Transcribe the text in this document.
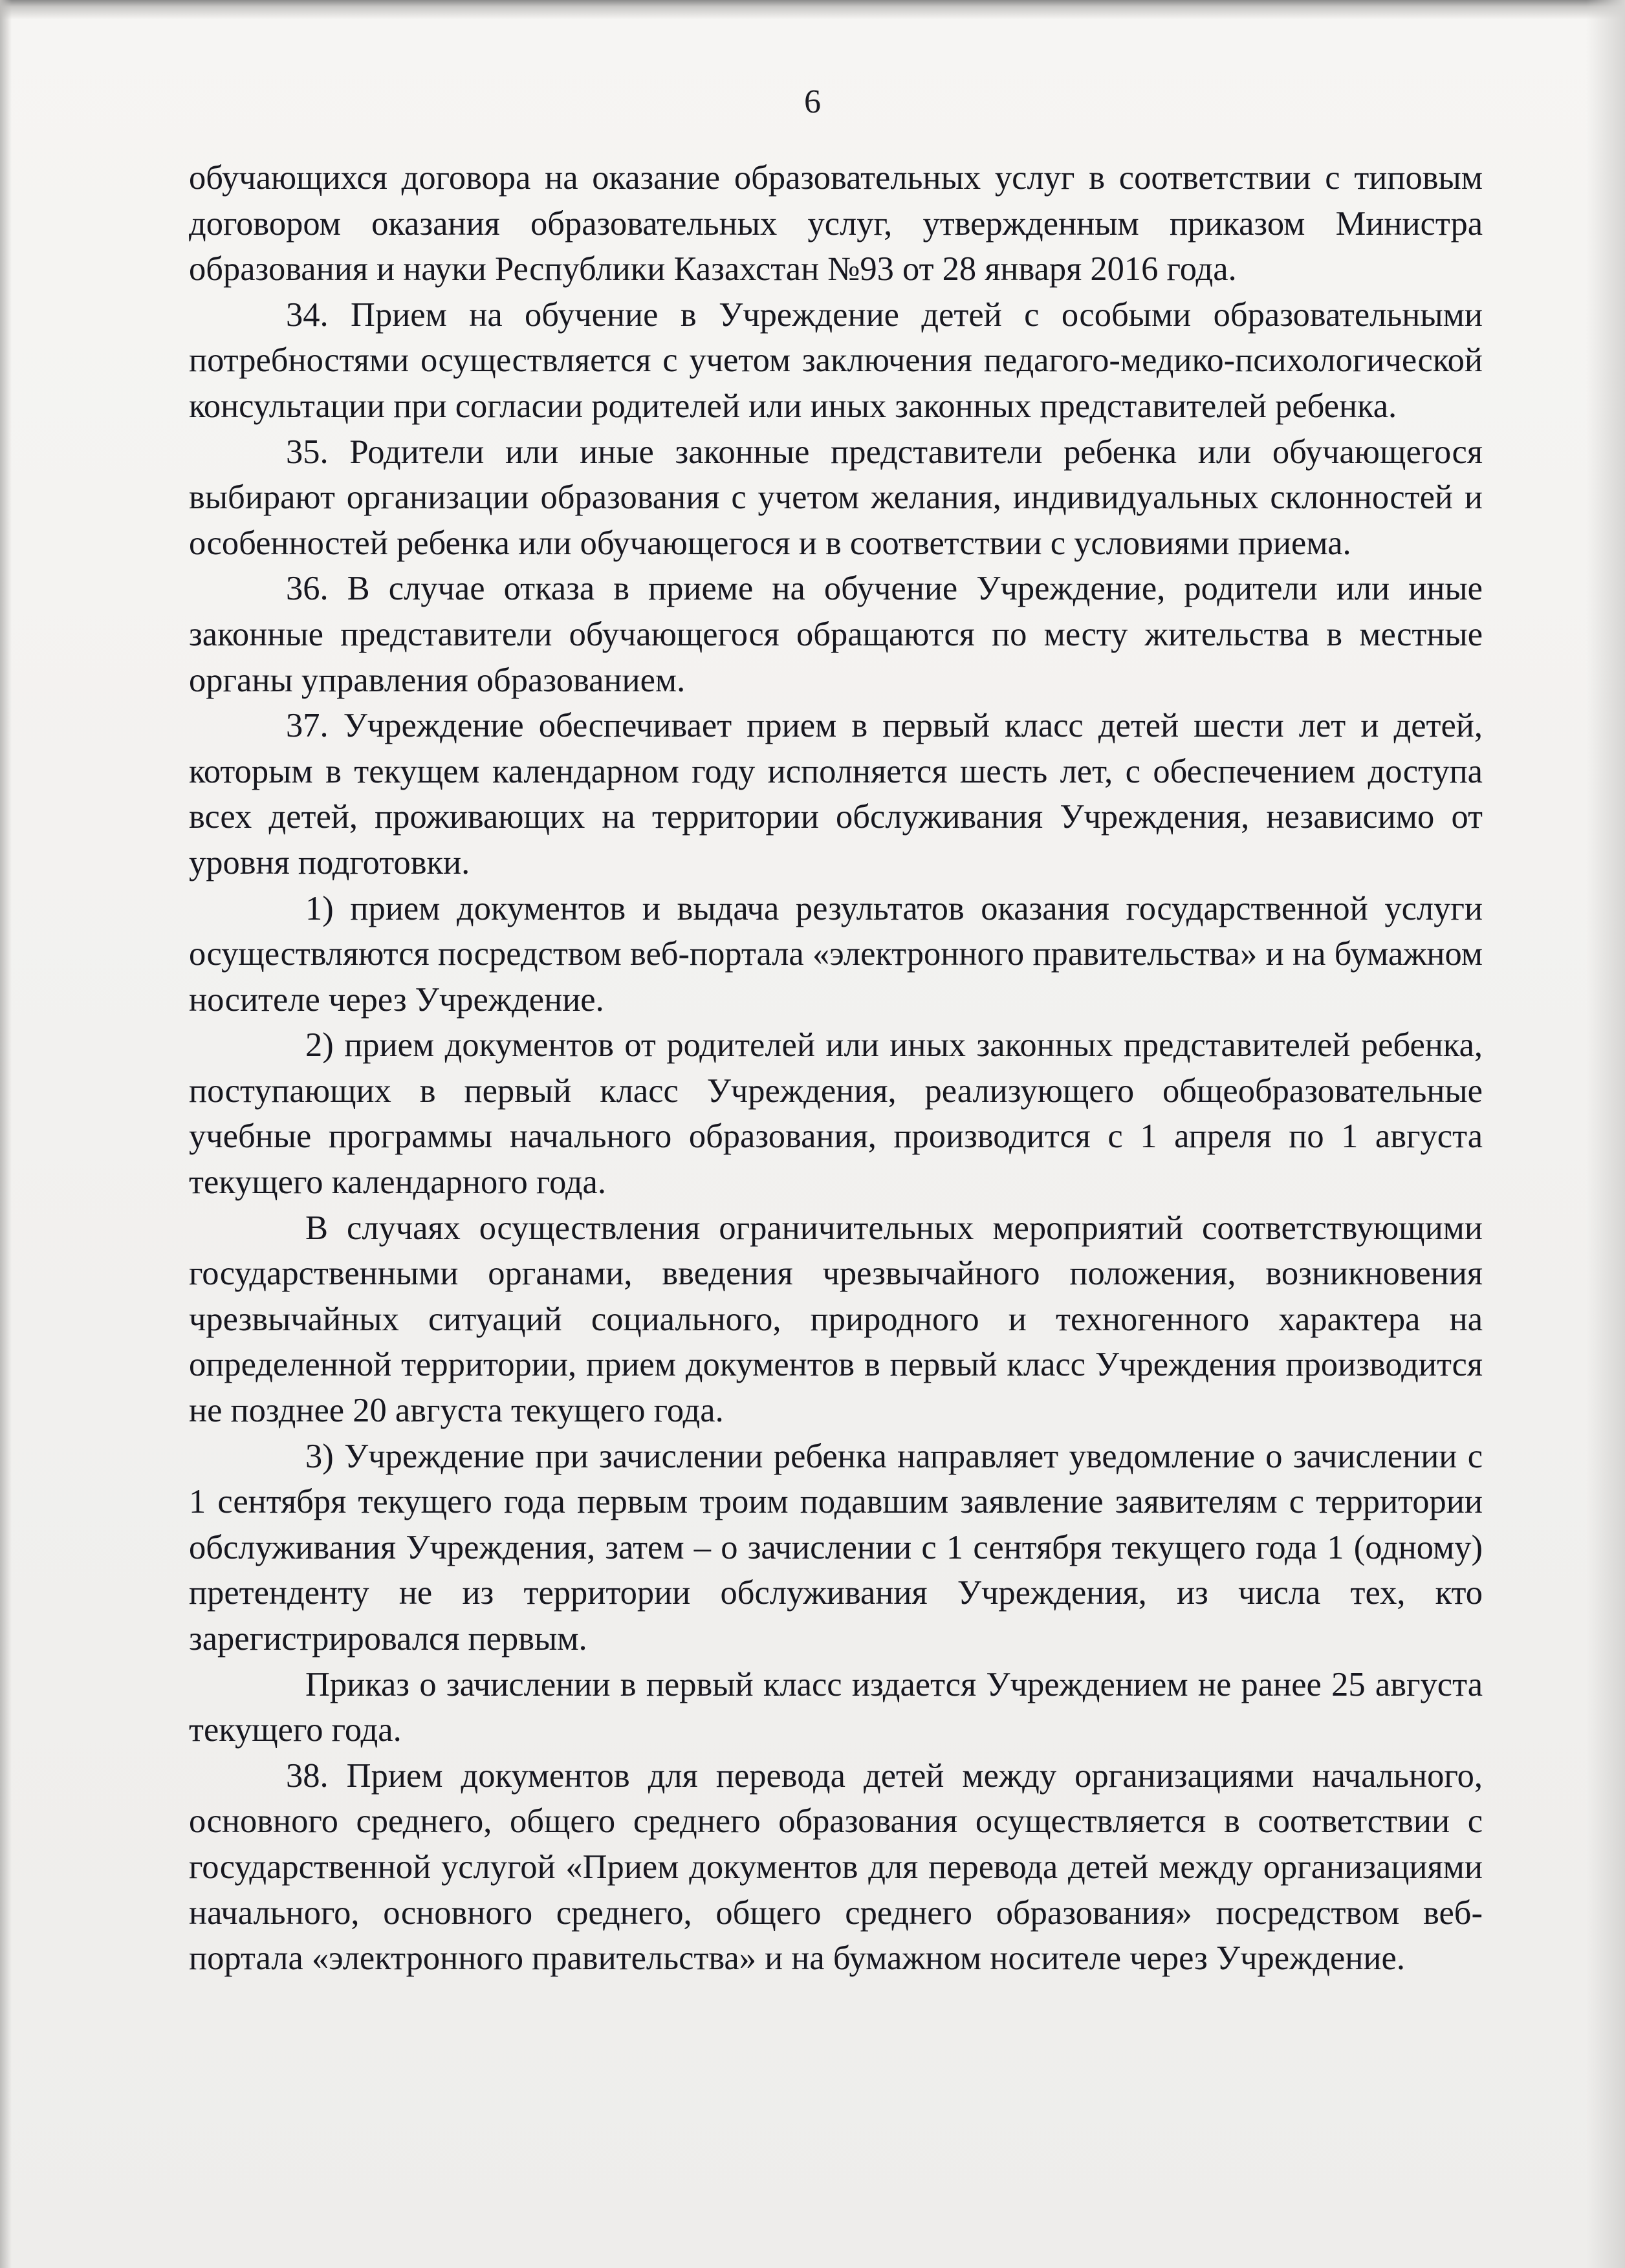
6

обучающихся договора на оказание образовательных услуг в соответствии с типовым договором оказания образовательных услуг, утвержденным приказом Министра образования и науки Республики Казахстан №93 от 28 января 2016 года.

34. Прием на обучение в Учреждение детей с особыми образовательными потребностями осуществляется с учетом заключения педагого-медико-психологической консультации при согласии родителей или иных законных представителей ребенка.

35. Родители или иные законные представители ребенка или обучающегося выбирают организации образования с учетом желания, индивидуальных склонностей и особенностей ребенка или обучающегося и в соответствии с условиями приема.

36. В случае отказа в приеме на обучение Учреждение, родители или иные законные представители обучающегося обращаются по месту жительства в местные органы управления образованием.

37. Учреждение обеспечивает прием в первый класс детей шести лет и детей, которым в текущем календарном году исполняется шесть лет, с обеспечением доступа всех детей, проживающих на территории обслуживания Учреждения, независимо от уровня подготовки.

1) прием документов и выдача результатов оказания государственной услуги осуществляются посредством веб-портала «электронного правительства» и на бумажном носителе через Учреждение.

2) прием документов от родителей или иных законных представителей ребенка, поступающих в первый класс Учреждения, реализующего общеобразовательные учебные программы начального образования, производится с 1 апреля по 1 августа текущего календарного года.

В случаях осуществления ограничительных мероприятий соответствующими государственными органами, введения чрезвычайного положения, возникновения чрезвычайных ситуаций социального, природного и техногенного характера на определенной территории, прием документов в первый класс Учреждения производится не позднее 20 августа текущего года.

3) Учреждение при зачислении ребенка направляет уведомление о зачислении с 1 сентября текущего года первым троим подавшим заявление заявителям с территории обслуживания Учреждения, затем – о зачислении с 1 сентября текущего года 1 (одному) претенденту не из территории обслуживания Учреждения, из числа тех, кто зарегистрировался первым.

Приказ о зачислении в первый класс издается Учреждением не ранее 25 августа текущего года.

38. Прием документов для перевода детей между организациями начального, основного среднего, общего среднего образования осуществляется в соответствии с государственной услугой «Прием документов для перевода детей между организациями начального, основного среднего, общего среднего образования» посредством веб-портала «электронного правительства» и на бумажном носителе через Учреждение.
